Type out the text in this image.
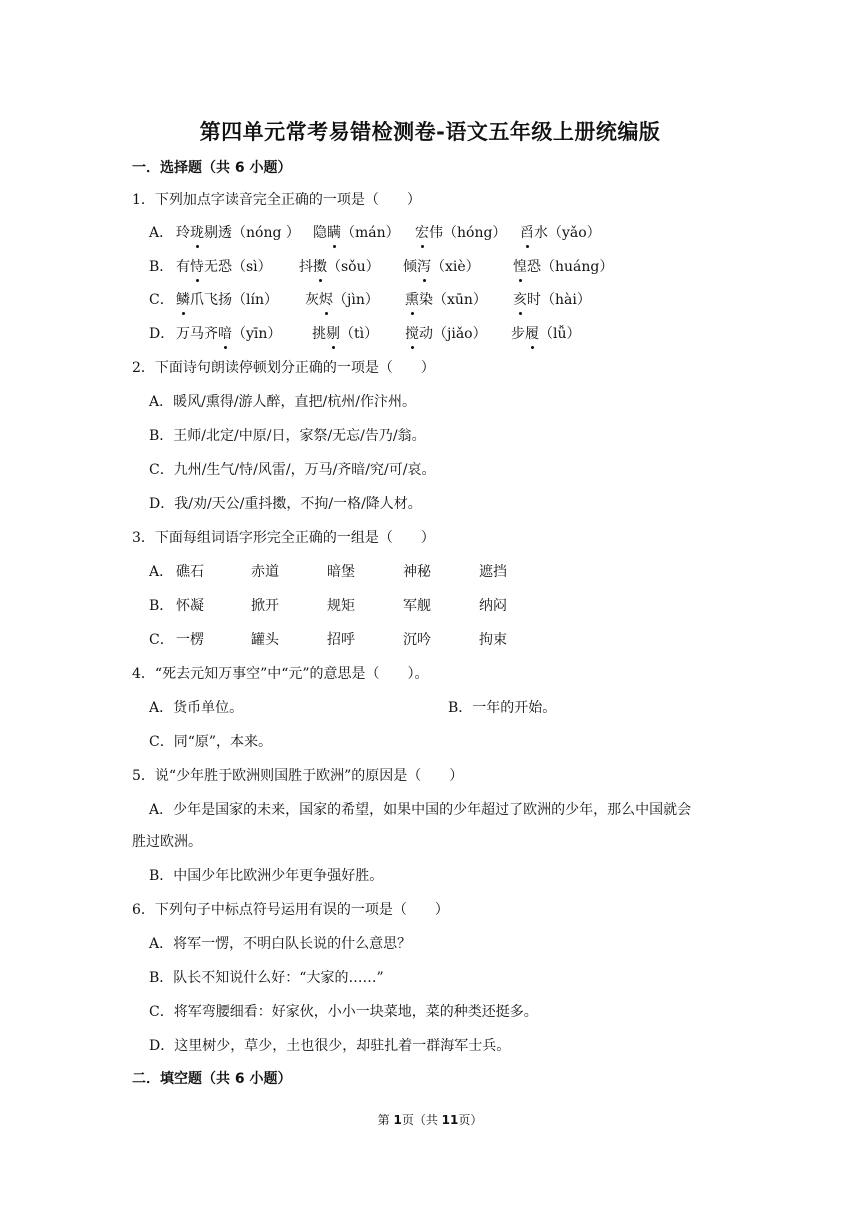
第四单元常考易错检测卷-语文五年级上册统编版
一．选择题（共 6 小题）
1．下列加点字读音完全正确的一项是（　　）
A． 玲珑剔透（nóng ） 隐瞒（mán） 宏伟（hóng） 舀水（yǎo）
B． 有恃无恐（sì） 抖擞（sǒu） 倾泻（xiè） 惶恐（huáng）
C． 鳞爪飞扬（lín） 灰烬（jìn） 熏染（xūn） 亥时（hài）
D． 万马齐喑（yīn） 挑剔（tì） 搅动（jiǎo） 步履（lǚ）
2．下面诗句朗读停顿划分正确的一项是（　　）
A．暖风/熏得/游人醉，直把/杭州/作汴州。
B．王师/北定/中原/日，家祭/无忘/告乃/翁。
C．九州/生气/恃/风雷/，万马/齐暗/究/可/哀。
D．我/劝/天公/重抖擞，不拘/一格/降人材。
3．下面每组词语字形完全正确的一组是（　　）
A． 礁石	赤道	暗堡	神秘	遮挡
B． 怀凝	掀开	规矩	军舰	纳闷
C． 一楞	罐头	招呼	沉吟	拘束
4．“死去元知万事空”中“元”的意思是（　　）。
A．货币单位。	B．一年的开始。
C．同“原”，本来。
5．说“少年胜于欧洲则国胜于欧洲”的原因是（　　）
A．少年是国家的未来，国家的希望，如果中国的少年超过了欧洲的少年，那么中国就会
胜过欧洲。
B．中国少年比欧洲少年更争强好胜。
6．下列句子中标点符号运用有误的一项是（　　）
A．将军一愣，不明白队长说的什么意思？
B．队长不知说什么好：“大家的……”
C．将军弯腰细看：好家伙，小小一块菜地，菜的种类还挺多。
D．这里树少，草少，土也很少，却驻扎着一群海军士兵。
二．填空题（共 6 小题）
第 1页（共 11页）
